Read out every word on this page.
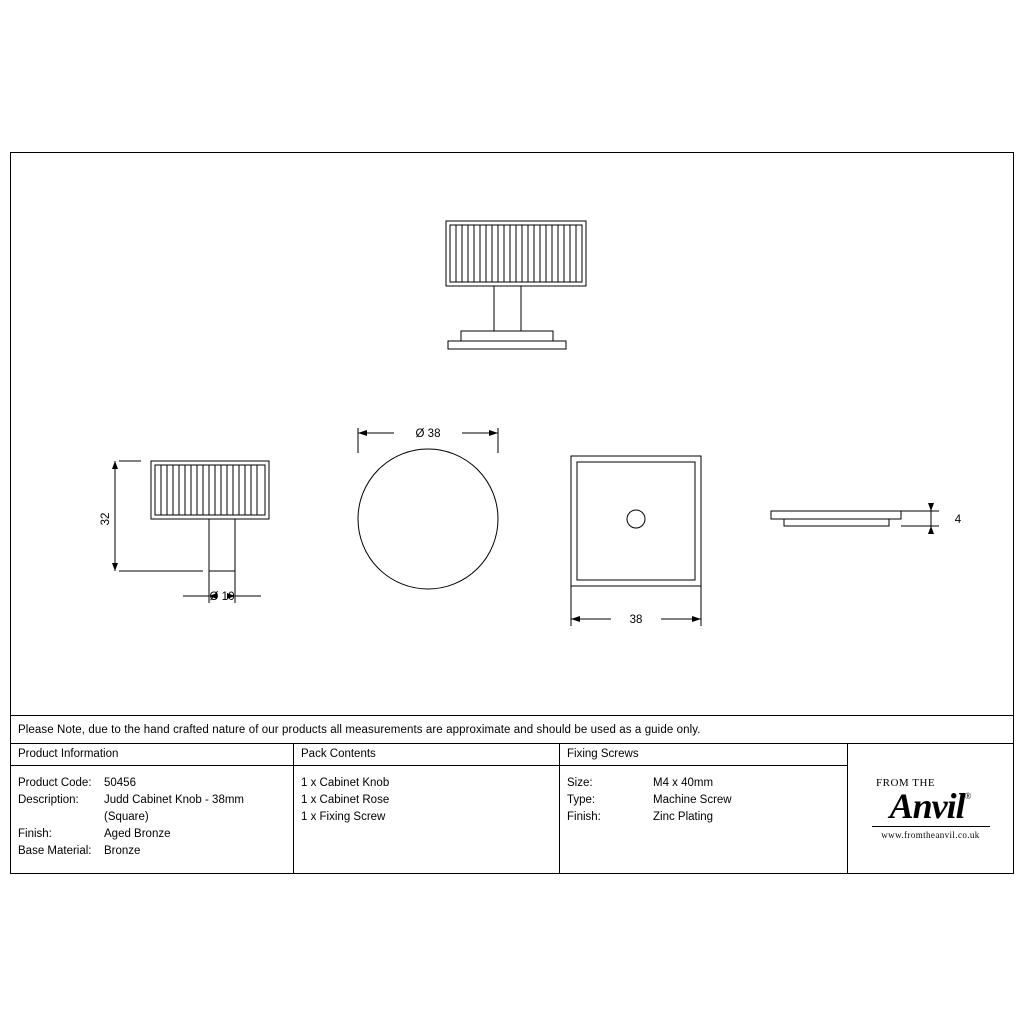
Ø 38
32
Ø 10
38
4
Please Note, due to the hand crafted nature of our products all measurements are approximate and should be used as a guide only.
Product Information
Product Code:	50456
Description:	Judd Cabinet Knob - 38mm
(Square)
Finish:	Aged Bronze
Base Material:	Bronze
Pack Contents
1 x Cabinet Knob
1 x Cabinet Rose
1 x Fixing Screw
Fixing Screws
Size:	M4 x 40mm
Type:	Machine Screw
Finish:	Zinc Plating
FROM THE
Anvil ®
www.fromtheanvil.co.uk
